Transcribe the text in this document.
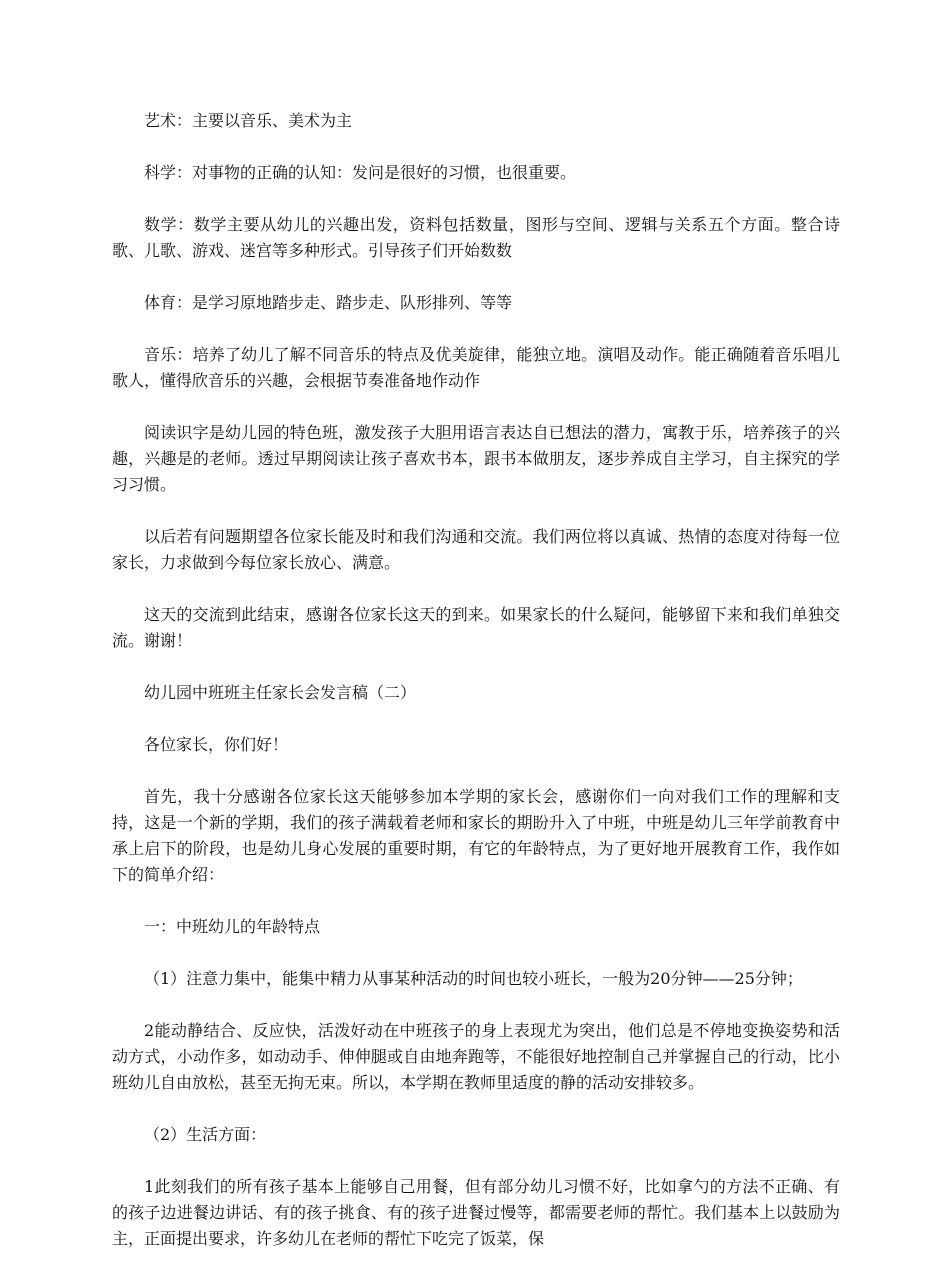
艺术：主要以音乐、美术为主

科学：对事物的正确的认知：发问是很好的习惯，也很重要。

数学：数学主要从幼儿的兴趣出发，资料包括数量，图形与空间、逻辑与关系五个方面。整合诗歌、儿歌、游戏、迷宫等多种形式。引导孩子们开始数数

体育：是学习原地踏步走、踏步走、队形排列、等等

音乐：培养了幼儿了解不同音乐的特点及优美旋律，能独立地。演唱及动作。能正确随着音乐唱儿歌人，懂得欣音乐的兴趣，会根据节奏准备地作动作

阅读识字是幼儿园的特色班，激发孩子大胆用语言表达自已想法的潜力，寓教于乐，培养孩子的兴趣，兴趣是的老师。透过早期阅读让孩子喜欢书本，跟书本做朋友，逐步养成自主学习，自主探究的学习习惯。

以后若有问题期望各位家长能及时和我们沟通和交流。我们两位将以真诚、热情的态度对待每一位家长，力求做到今每位家长放心、满意。

这天的交流到此结束，感谢各位家长这天的到来。如果家长的什么疑问，能够留下来和我们单独交流。谢谢！

幼儿园中班班主任家长会发言稿（二）

各位家长，你们好！

首先，我十分感谢各位家长这天能够参加本学期的家长会，感谢你们一向对我们工作的理解和支持，这是一个新的学期，我们的孩子满载着老师和家长的期盼升入了中班，中班是幼儿三年学前教育中承上启下的阶段，也是幼儿身心发展的重要时期，有它的年龄特点，为了更好地开展教育工作，我作如下的简单介绍：

一：中班幼儿的年龄特点

（1）注意力集中，能集中精力从事某种活动的时间也较小班长，一般为20分钟——25分钟；

2能动静结合、反应快，活泼好动在中班孩子的身上表现尤为突出，他们总是不停地变换姿势和活动方式，小动作多，如动动手、伸伸腿或自由地奔跑等，不能很好地控制自己并掌握自己的行动，比小班幼儿自由放松，甚至无拘无束。所以，本学期在教师里适度的静的活动安排较多。

（2）生活方面：

1此刻我们的所有孩子基本上能够自己用餐，但有部分幼儿习惯不好，比如拿勺的方法不正确、有的孩子边进餐边讲话、有的孩子挑食、有的孩子进餐过慢等，都需要老师的帮忙。我们基本上以鼓励为主，正面提出要求，许多幼儿在老师的帮忙下吃完了饭菜，保
